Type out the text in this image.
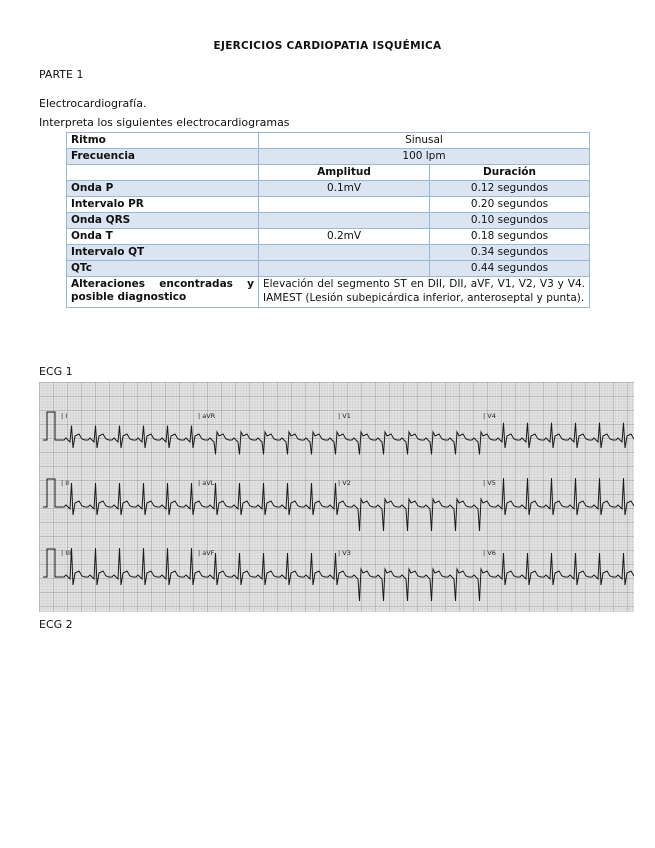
EJERCICIOS CARDIOPATIA ISQUÉMICA
PARTE 1
Electrocardiografía.
Interpreta los siguientes electrocardiogramas
Ritmo	Sinusal	
Frecuencia	100 lpm	
	Amplitud	Duración
Onda P	0.1mV	0.12 segundos
Intervalo PR		0.20 segundos
Onda QRS		0.10 segundos
Onda T	0.2mV	0.18 segundos
Intervalo QT		0.34 segundos
QTc		0.44 segundos
Alteraciones encontradas y posible diagnostico	Elevación del segmento ST en DII, DII, aVF, V1, V2, V3 y V4. IAMEST (Lesión subepicárdica inferior, anteroseptal y punta).	
ECG 1
| I	| aVR	| V1	| V4
| II	| aVL	| V2	| V5
| III	| aVF	| V3	| V6
ECG 2
